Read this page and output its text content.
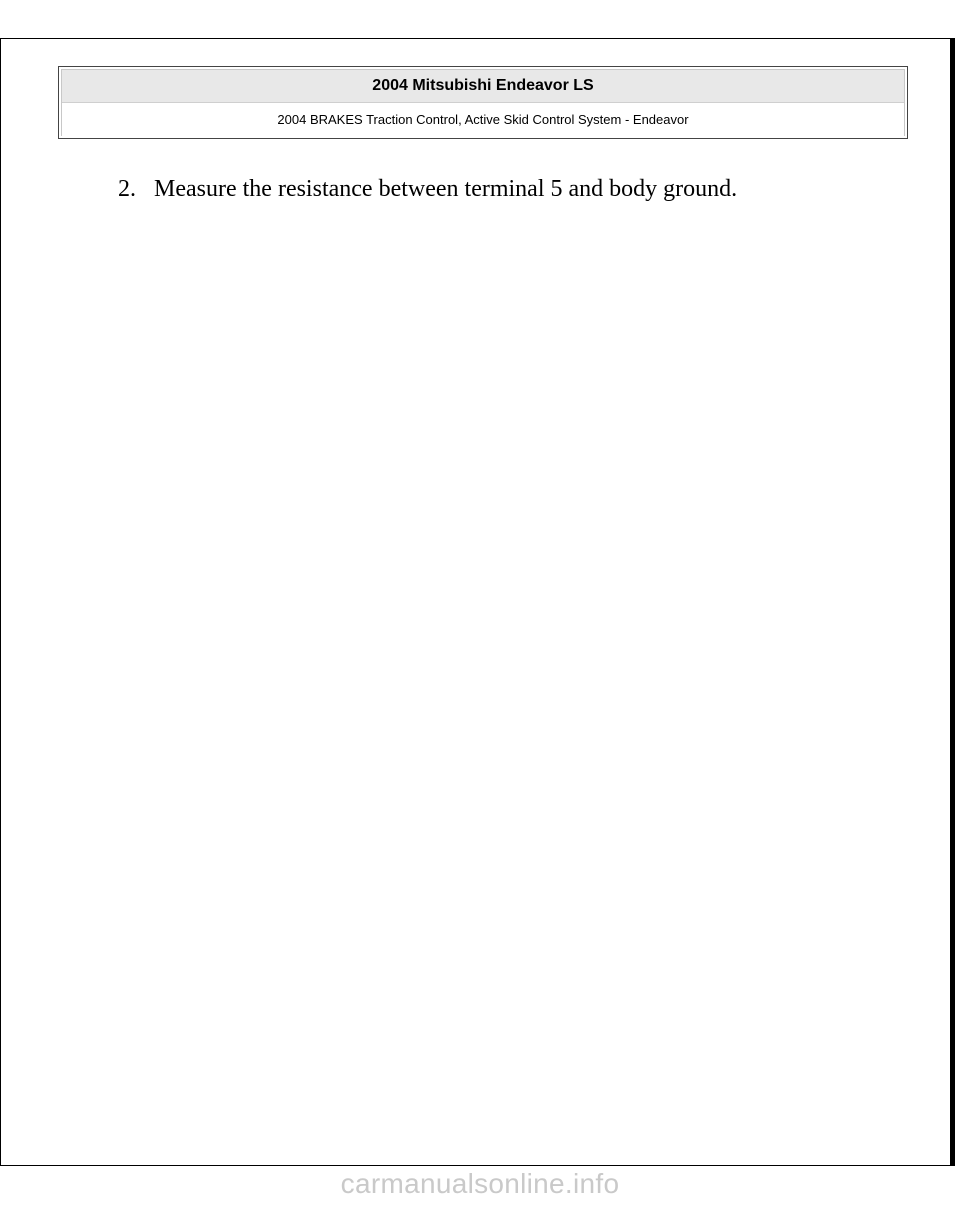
2004 Mitsubishi Endeavor LS
2004 BRAKES Traction Control, Active Skid Control System - Endeavor
2. Measure the resistance between terminal 5 and body ground.
carmanualsonline.info
